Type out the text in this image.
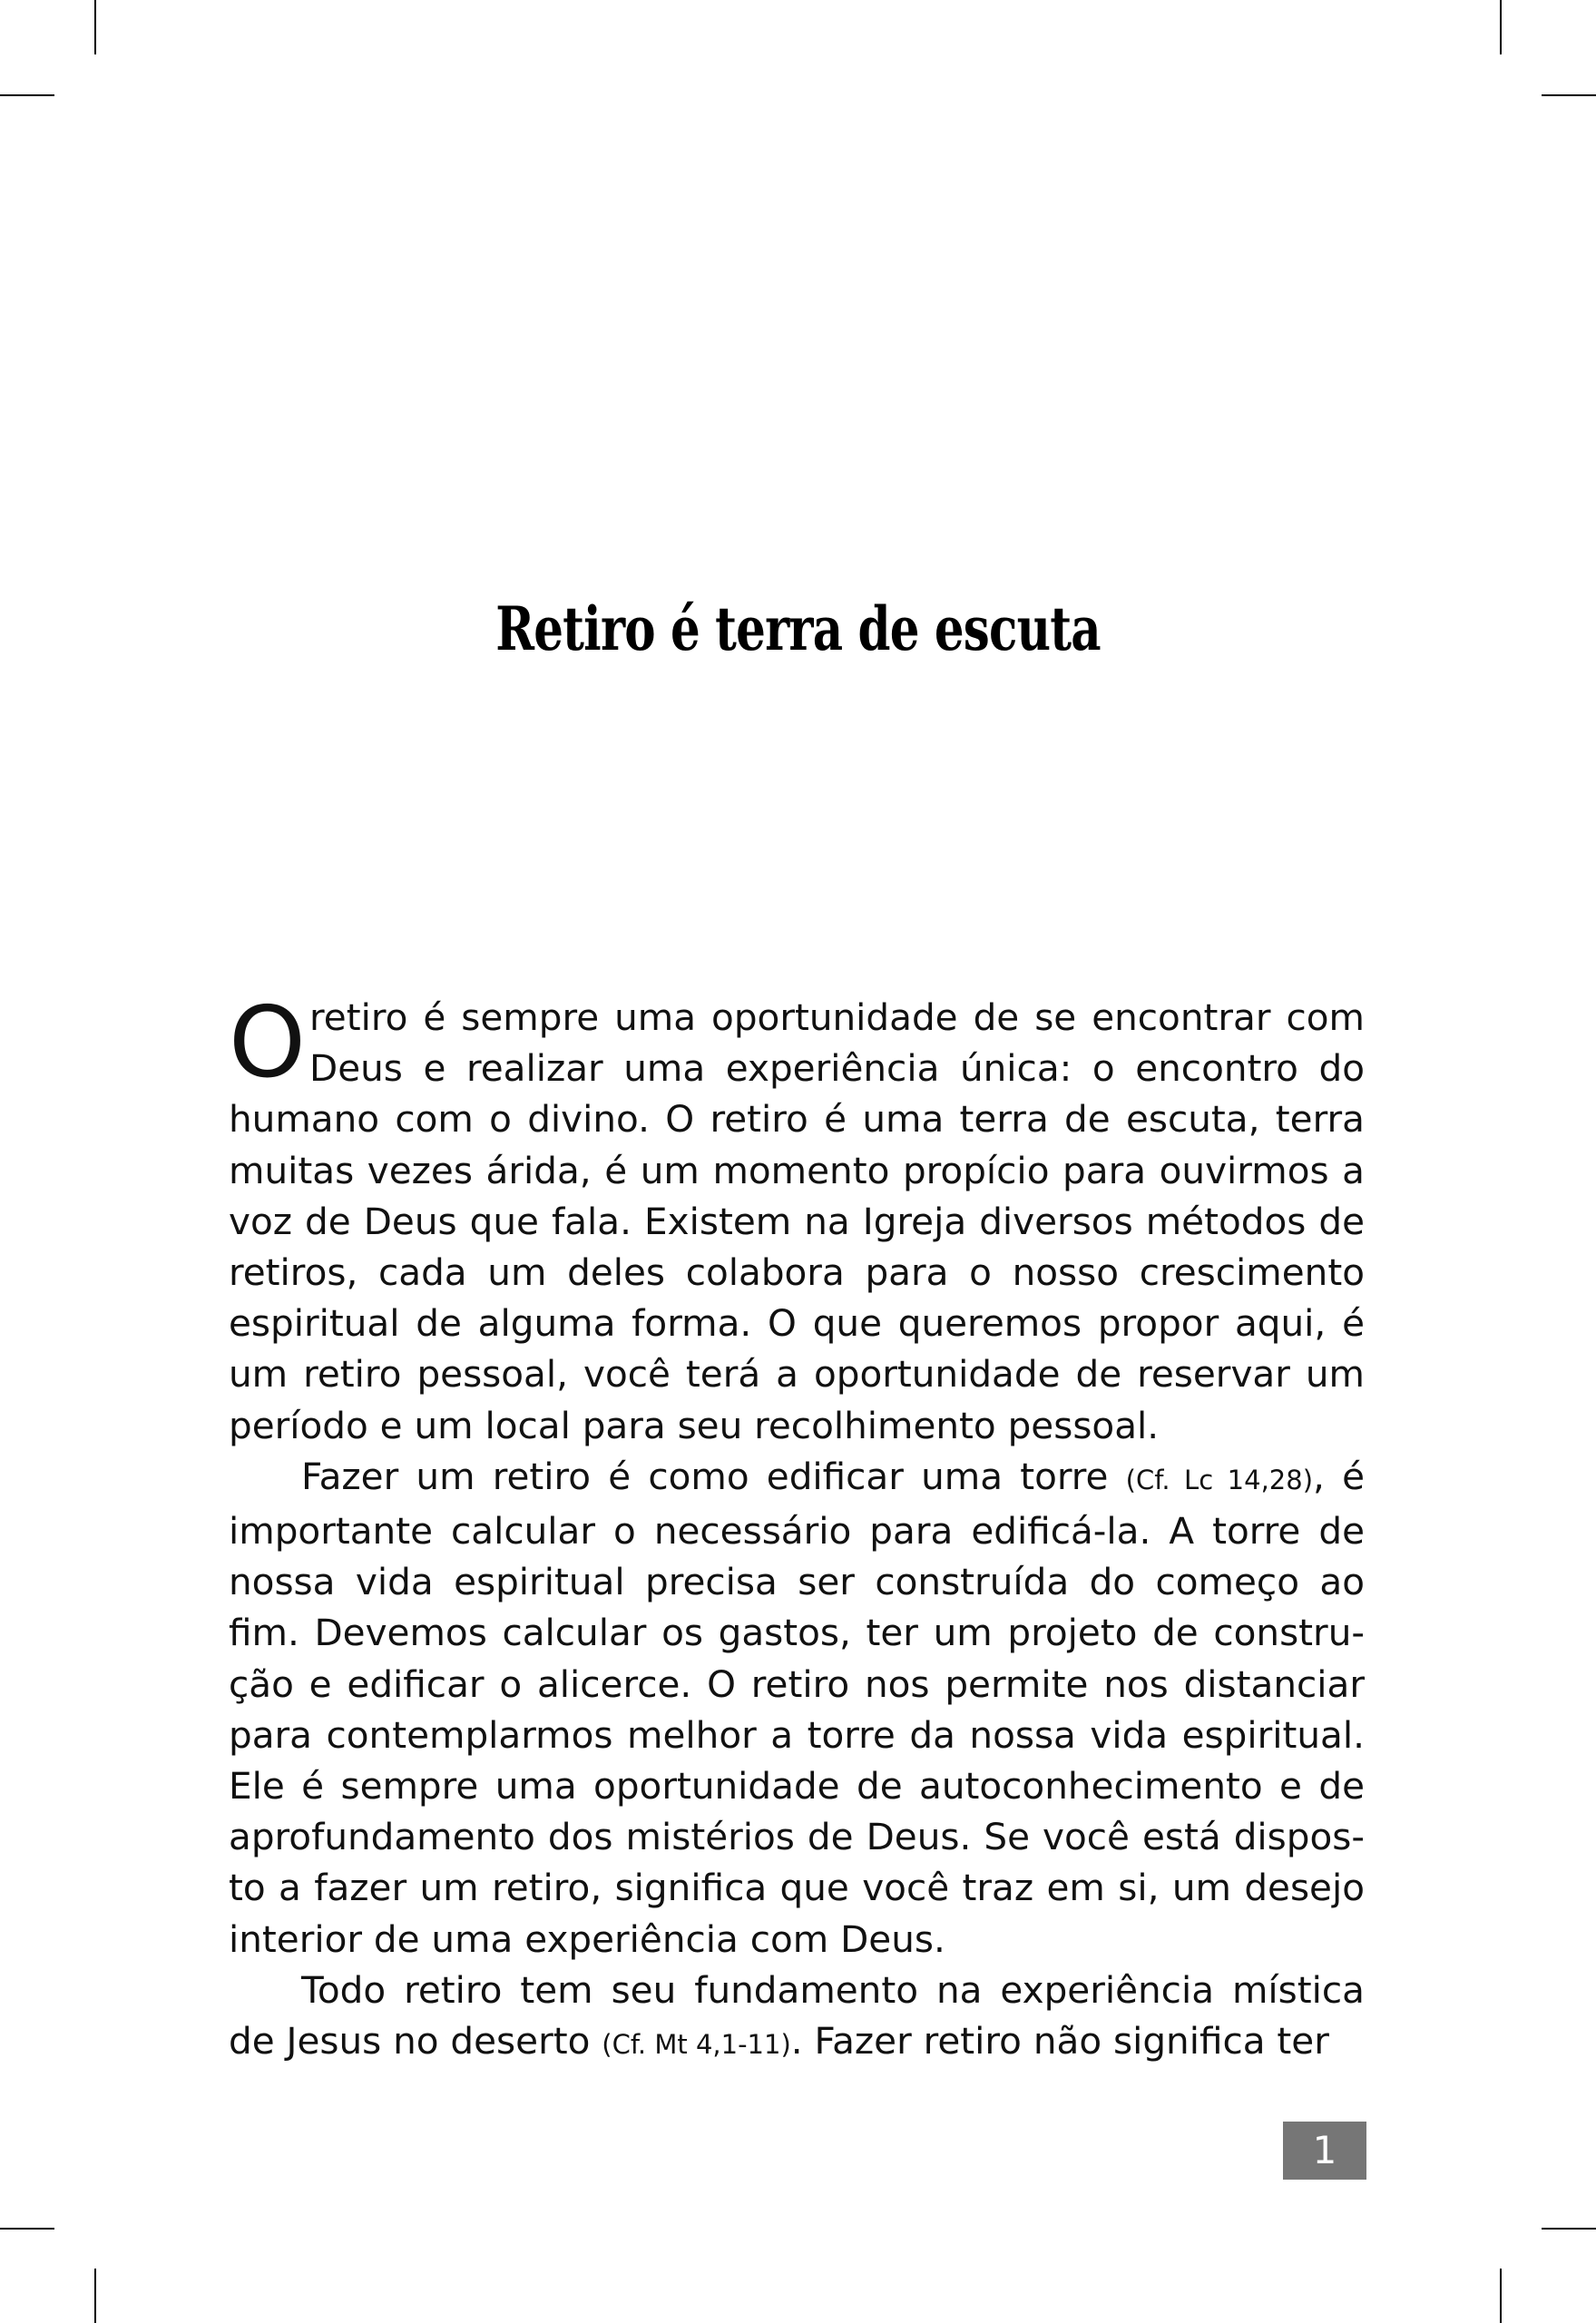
Retiro é terra de escuta

Oretiro é sempre uma oportunidade de se encontrar com Deus e realizar uma experiência única: o encontro do humano com o divino. O retiro é uma terra de escuta, terra muitas vezes árida, é um momento propício para ouvirmos a voz de Deus que fala. Existem na Igreja diversos métodos de retiros, cada um deles colabora para o nosso crescimento espiritual de alguma forma. O que queremos propor aqui, é um retiro pessoal, você terá a oportunidade de reservar um período e um local para seu recolhimento pessoal.

Fazer um retiro é como edificar uma torre (Cf. Lc 14,28), é importante calcular o necessário para edificá-la. A torre de nossa vida espiritual precisa ser construída do começo ao fim. Devemos calcular os gastos, ter um projeto de construção e edificar o alicerce. O retiro nos permite nos distanciar para contemplarmos melhor a torre da nossa vida espiritual. Ele é sempre uma oportunidade de autoconhecimento e de aprofundamento dos mistérios de Deus. Se você está disposto a fazer um retiro, significa que você traz em si, um desejo interior de uma experiência com Deus.

Todo retiro tem seu fundamento na experiência mística de Jesus no deserto (Cf. Mt 4,1-11). Fazer retiro não significa ter

1
